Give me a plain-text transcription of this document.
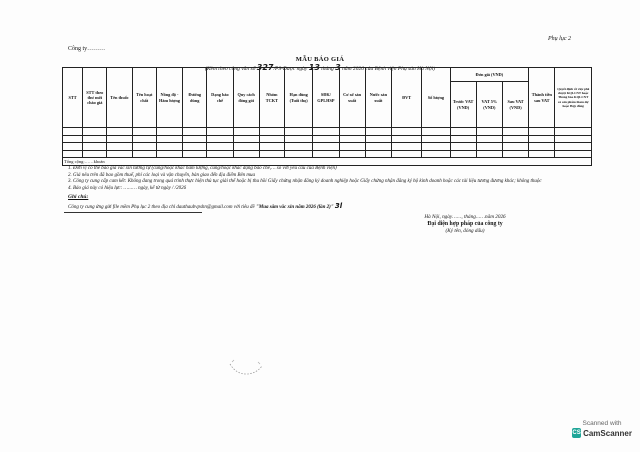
Phụ lục 2
Công ty………
MẪU BÁO GIÁ
(Kèm theo công văn số 327/PS-Dược ngày 13 tháng 3 năm 2026 của Bệnh viện Phụ sản Hà Nội)
STT	STT theo thư mời chào giá	Tên thuốc	Tên hoạt chất	Nồng độ - Hàm lượng	Đường dùng	Dạng bào chế	Quy cách đóng gói	Nhóm TCKT	Hạn dùng (Tuổi thọ)	SĐK/ GPLHSP	Cơ sở sản xuất	Nước sản xuất	ĐVT	Số lượng	Đơn giá (VND)			Thành tiền sau VAT	Quyết định về việc phê duyệt KQLCNT hoặc Thông báo KQLCNT có sản phẩm tham dự hoặc Hợp đồng
															Trước VAT (VND)	VAT 5% (VND)	Sau VAT (VND)		

Tổng cộng:……khoản																			
1. Đơn vị có thể báo giá vắc xin tương tự (cùng/hoặc khác hàm lượng, cùng/hoặc khác dạng bào chế,… so với yêu cầu của Bệnh viện)
2. Giá nêu trên đã bao gồm thuế, phí các loại và vận chuyển, bàn giao đến địa điểm Bên mua
3. Công ty cung cấp cam kết: Không đang trong quá trình thực hiện thủ tục giải thể hoặc bị thu hồi Giấy chứng nhận đăng ký doanh nghiệp hoặc Giấy chứng nhận đăng ký hộ kinh doanh hoặc các tài liệu tương đương khác; không thuộc
4. Báo giá này có hiệu lực: ……… ngày, kể từ ngày / /2026
Ghi chú:
Công ty cung ứng gửi file mềm Phụ lục 2 theo địa chỉ dauthaubvpshn@gmail.com với tiêu đề "Mua sắm vắc xin năm 2026 (lần 2)" 3l
Hà Nội, ngày……, tháng……năm 2026
Đại diện hợp pháp của công ty
(Ký tên, đóng dấu)
Scanned with
CS CamScanner
